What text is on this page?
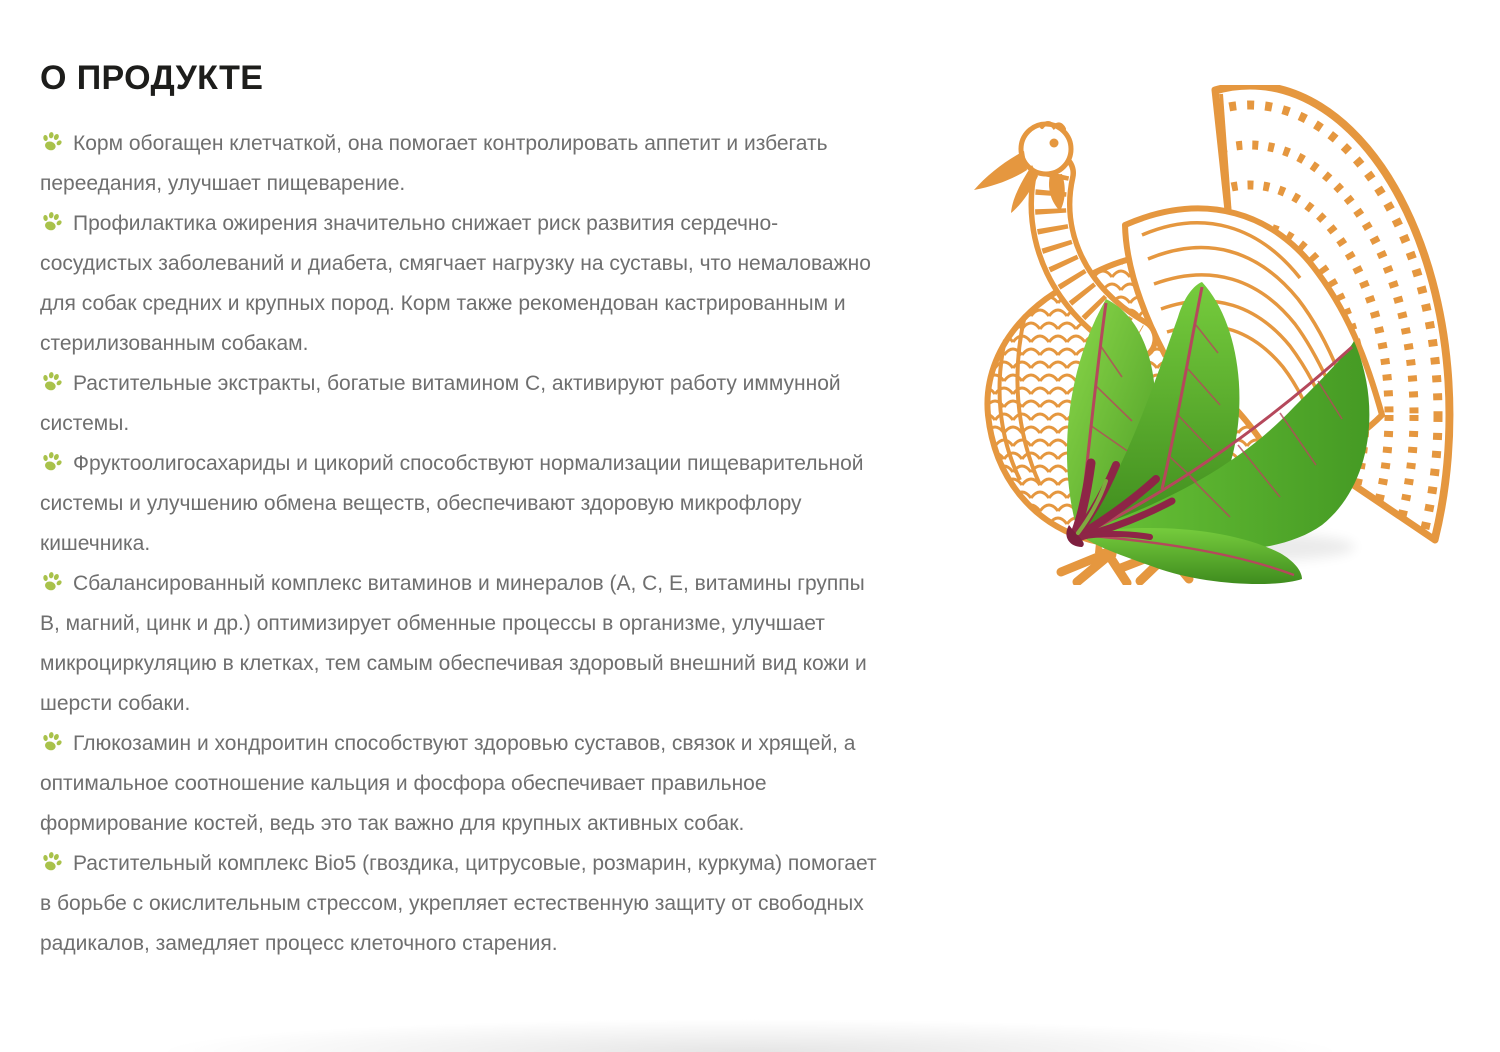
О ПРОДУКТЕ
Корм обогащен клетчаткой, она помогает контролировать аппетит и избегать переедания, улучшает пищеварение.
Профилактика ожирения значительно снижает риск развития сердечно-сосудистых заболеваний и диабета, смягчает нагрузку на суставы, что немаловажно для собак средних и крупных пород. Корм также рекомендован кастрированным и стерилизованным собакам.
Растительные экстракты, богатые витамином С, активируют работу иммунной системы.
Фруктоолигосахариды и цикорий способствуют нормализации пищеварительной системы и улучшению обмена веществ, обеспечивают здоровую микрофлору кишечника.
Сбалансированный комплекс витаминов и минералов (А, С, Е, витамины группы В, магний, цинк и др.) оптимизирует обменные процессы в организме, улучшает микроциркуляцию в клетках, тем самым обеспечивая здоровый внешний вид кожи и шерсти собаки.
Глюкозамин и хондроитин способствуют здоровью суставов, связок и хрящей, а оптимальное соотношение кальция и фосфора обеспечивает правильное формирование костей, ведь это так важно для крупных активных собак.
Растительный комплекс Bio5 (гвоздика, цитрусовые, розмарин, куркума) помогает в борьбе с окислительным стрессом, укрепляет естественную защиту от свободных радикалов, замедляет процесс клеточного старения.
